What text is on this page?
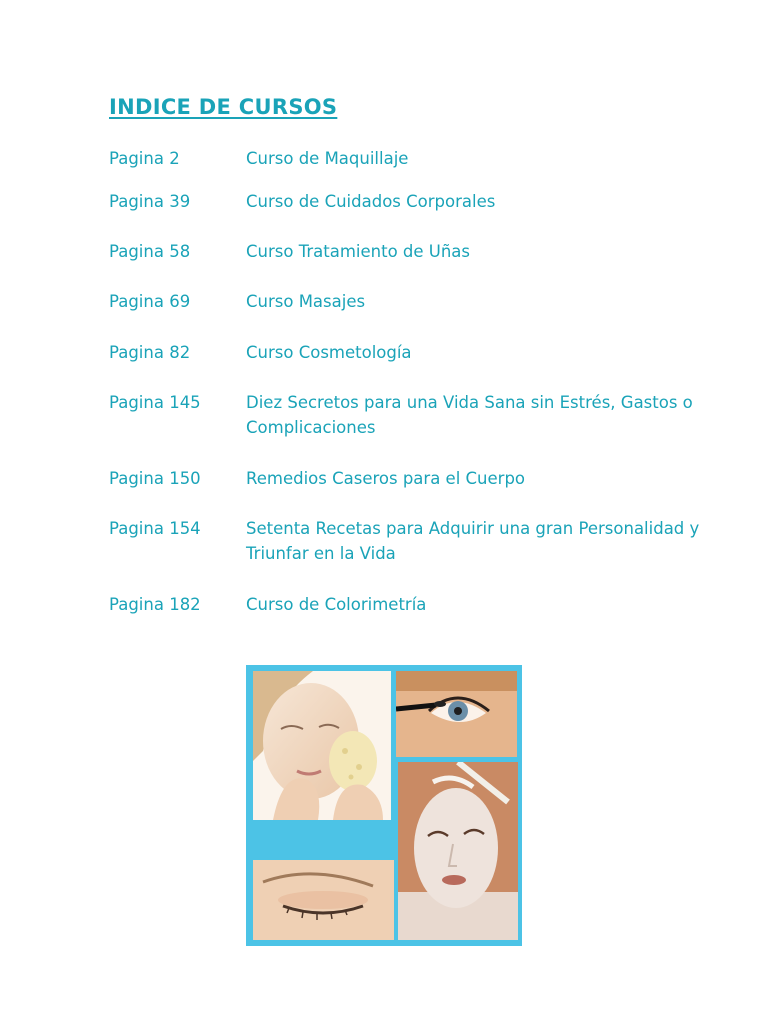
INDICE DE CURSOS
Pagina 2	Curso de Maquillaje
Pagina 39	Curso de Cuidados Corporales
Pagina 58	Curso Tratamiento de Uñas
Pagina 69	Curso Masajes
Pagina 82	Curso Cosmetología
Pagina 145	Diez Secretos para una Vida Sana sin Estrés, Gastos o Complicaciones
Pagina 150	Remedios Caseros para el Cuerpo
Pagina 154	Setenta Recetas para Adquirir una gran Personalidad y Triunfar en la Vida
Pagina 182	Curso de Colorimetría
